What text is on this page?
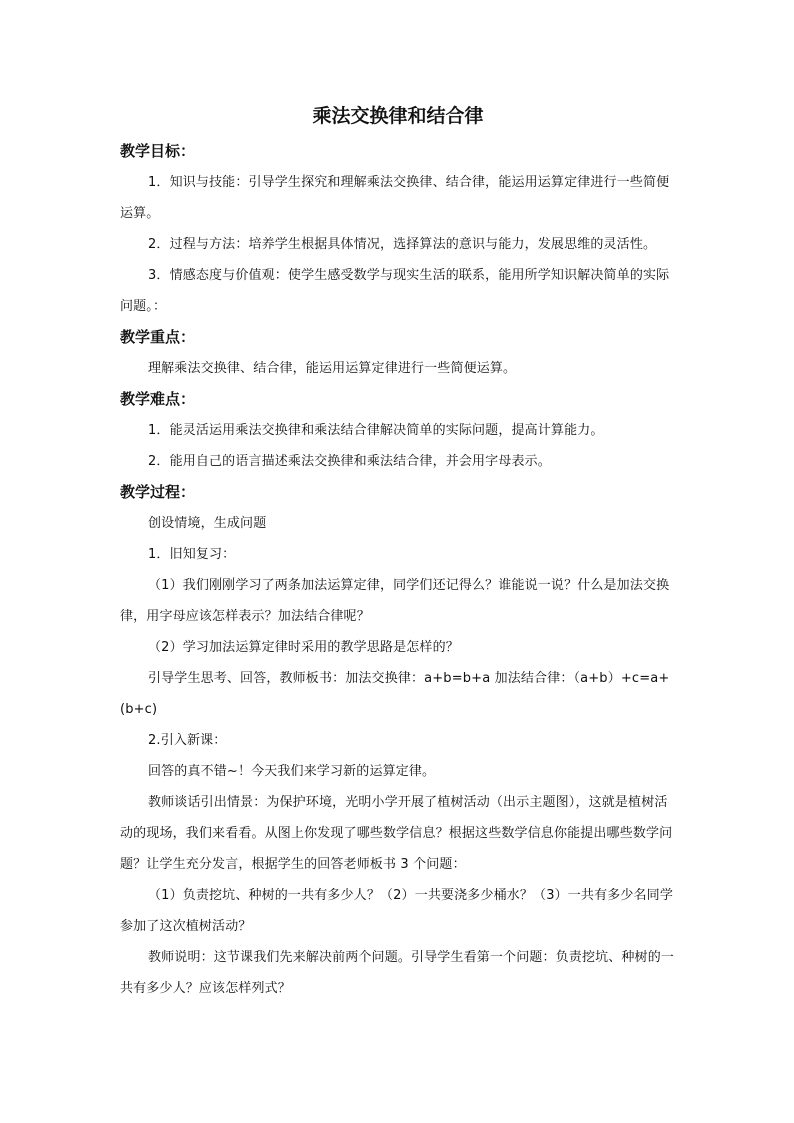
乘法交换律和结合律

教学目标：

1．知识与技能：引导学生探究和理解乘法交换律、结合律，能运用运算定律进行一些简便运算。

2．过程与方法：培养学生根据具体情况，选择算法的意识与能力，发展思维的灵活性。

3．情感态度与价值观：使学生感受数学与现实生活的联系，能用所学知识解决简单的实际问题。：

教学重点：

理解乘法交换律、结合律，能运用运算定律进行一些简便运算。

教学难点：

1．能灵活运用乘法交换律和乘法结合律解决简单的实际问题，提高计算能力。

2．能用自己的语言描述乘法交换律和乘法结合律，并会用字母表示。

教学过程：

创设情境，生成问题

1．旧知复习：

（1）我们刚刚学习了两条加法运算定律，同学们还记得么？谁能说一说？什么是加法交换律，用字母应该怎样表示？加法结合律呢？

（2）学习加法运算定律时采用的教学思路是怎样的？

引导学生思考、回答，教师板书：加法交换律：a+b=b+a 加法结合律：（a+b）+c=a+(b+c)

2.引入新课：

回答的真不错~！今天我们来学习新的运算定律。

教师谈话引出情景：为保护环境，光明小学开展了植树活动（出示主题图），这就是植树活动的现场，我们来看看。从图上你发现了哪些数学信息？根据这些数学信息你能提出哪些数学问题？让学生充分发言，根据学生的回答老师板书 3 个问题：

（1）负责挖坑、种树的一共有多少人？（2）一共要浇多少桶水？（3）一共有多少名同学参加了这次植树活动？

教师说明：这节课我们先来解决前两个问题。引导学生看第一个问题：负责挖坑、种树的一共有多少人？应该怎样列式？
